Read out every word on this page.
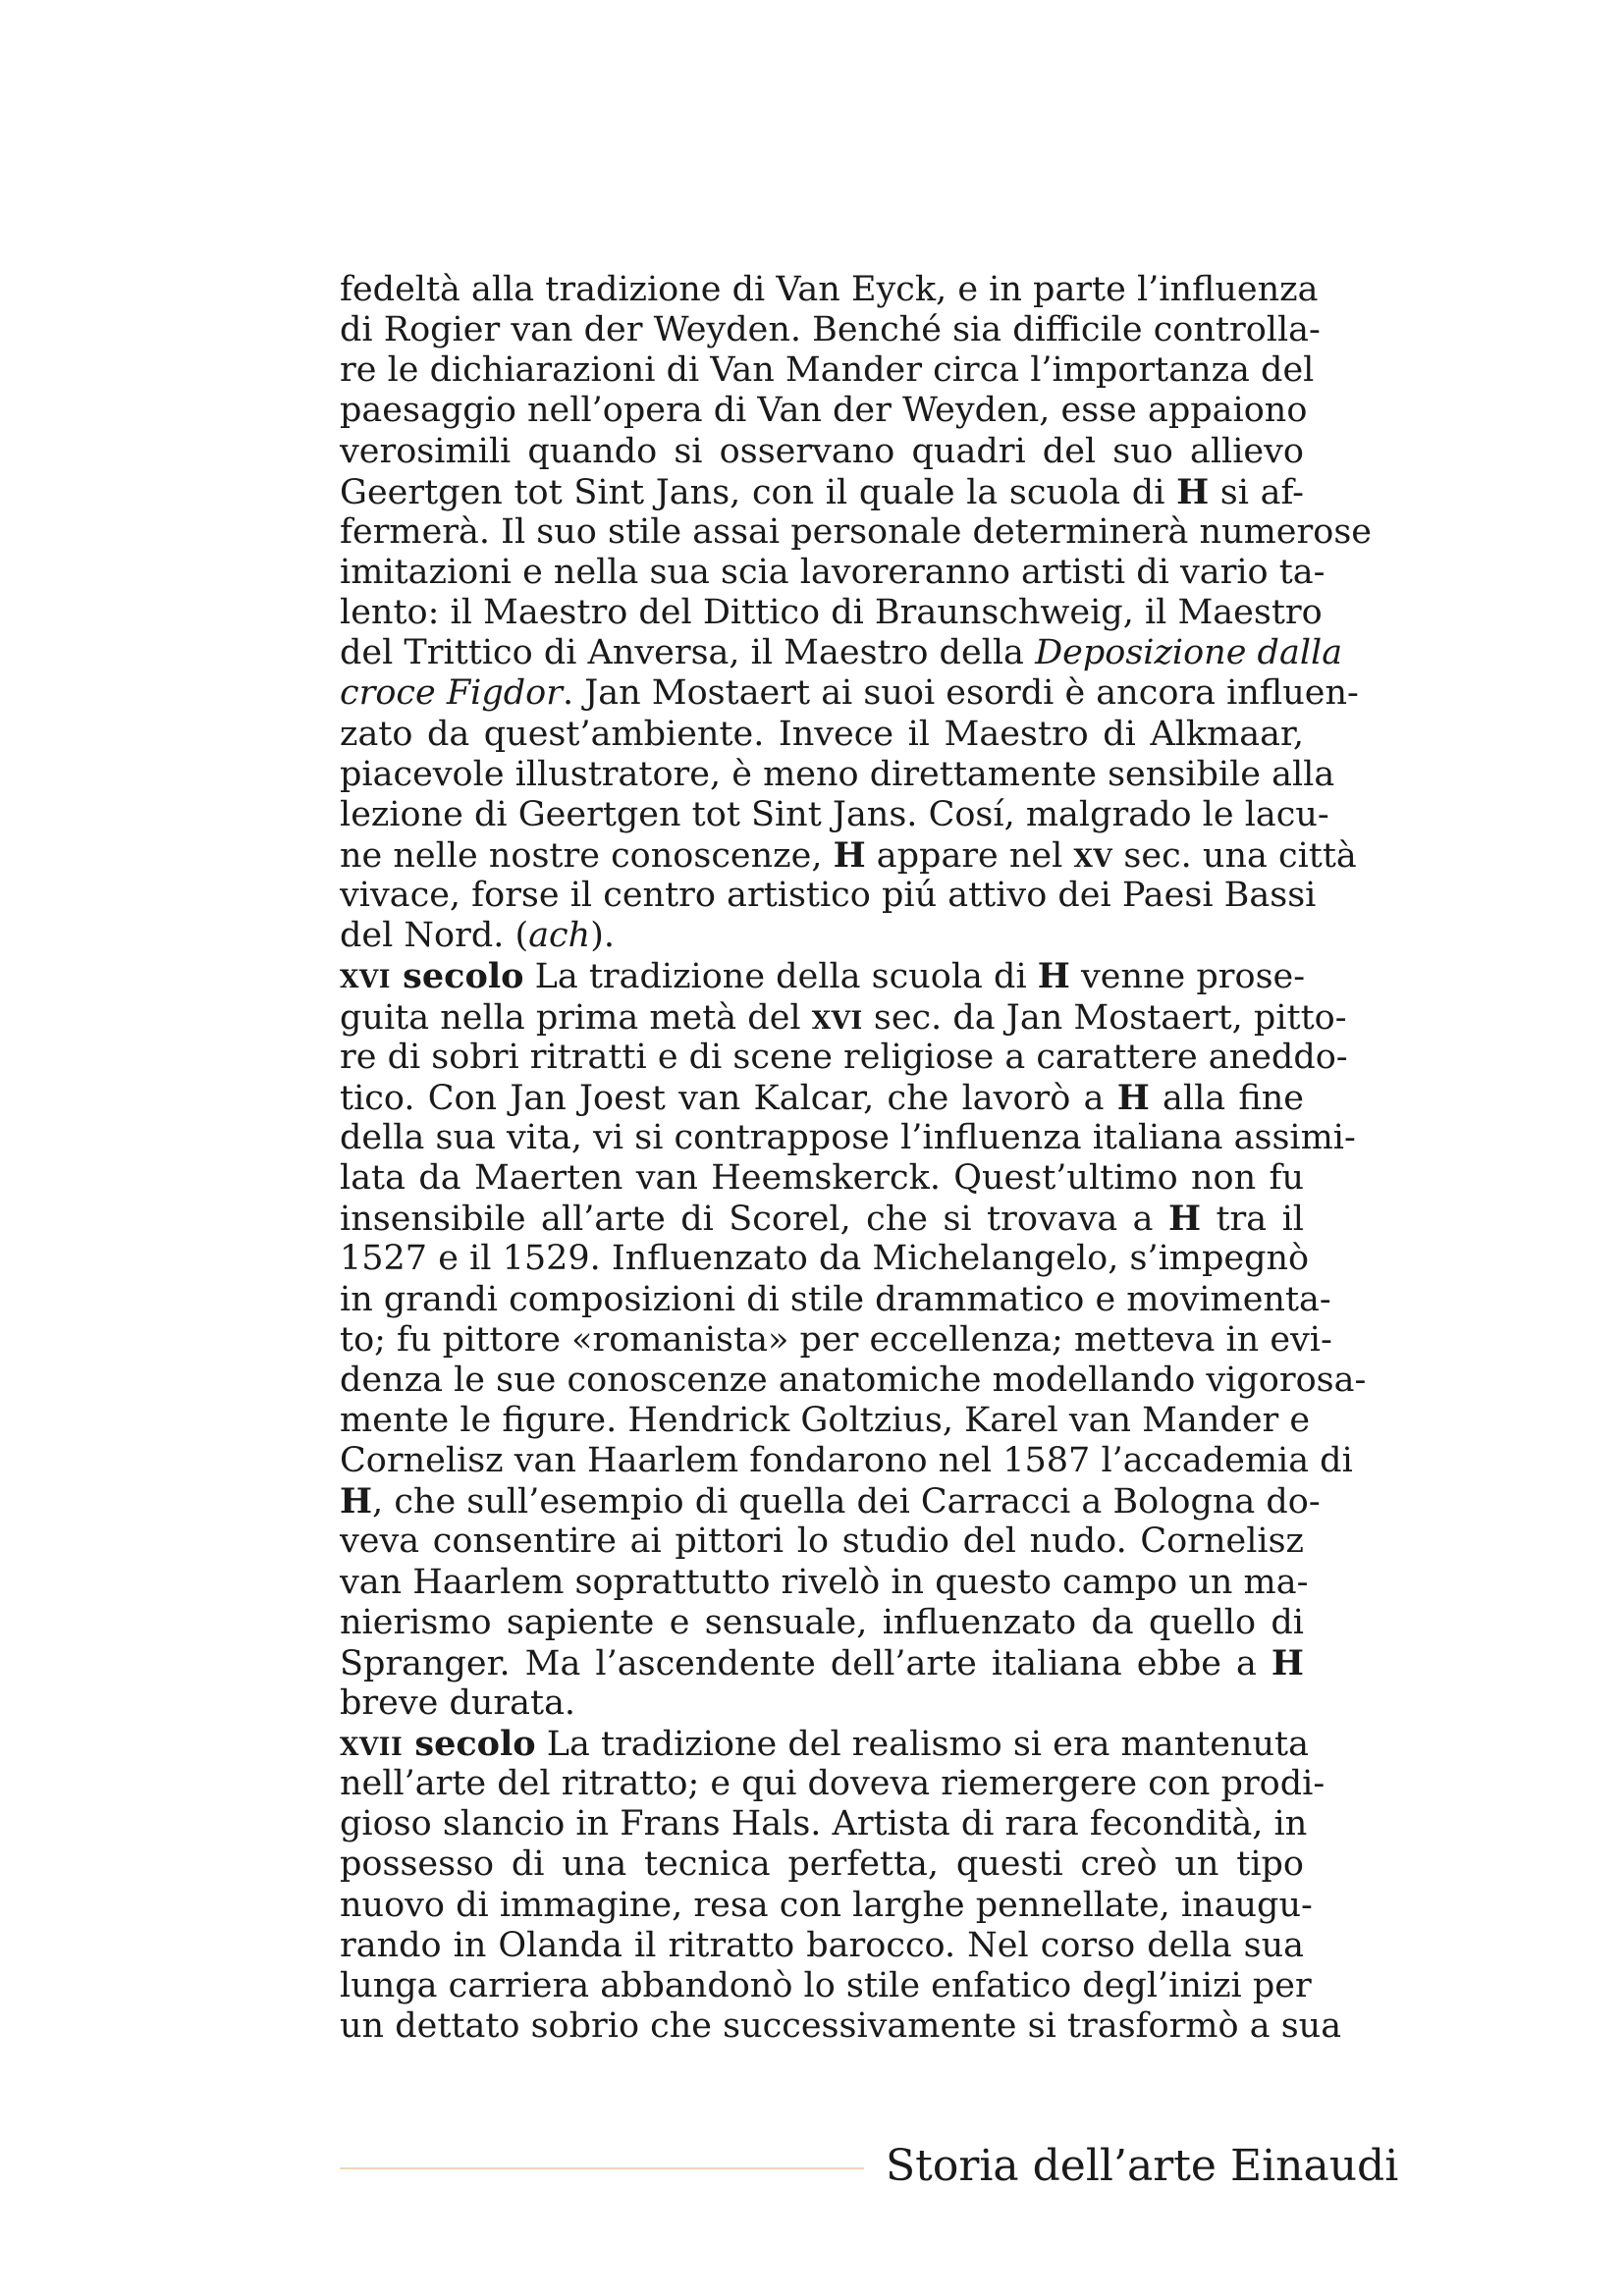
fedeltà alla tradizione di Van Eyck, e in parte l’influenza
di Rogier van der Weyden. Benché sia difficile controlla-
re le dichiarazioni di Van Mander circa l’importanza del
paesaggio nell’opera di Van der Weyden, esse appaiono
verosimili quando si osservano quadri del suo allievo
Geertgen tot Sint Jans, con il quale la scuola di H si af-
fermerà. Il suo stile assai personale determinerà numerose
imitazioni e nella sua scia lavoreranno artisti di vario ta-
lento: il Maestro del Dittico di Braunschweig, il Maestro
del Trittico di Anversa, il Maestro della Deposizione dalla
croce Figdor. Jan Mostaert ai suoi esordi è ancora influen-
zato da quest’ambiente. Invece il Maestro di Alkmaar,
piacevole illustratore, è meno direttamente sensibile alla
lezione di Geertgen tot Sint Jans. Cosí, malgrado le lacu-
ne nelle nostre conoscenze, H appare nel xv sec. una città
vivace, forse il centro artistico piú attivo dei Paesi Bassi
del Nord. (ach).
xvi secolo La tradizione della scuola di H venne prose-
guita nella prima metà del xvi sec. da Jan Mostaert, pitto-
re di sobri ritratti e di scene religiose a carattere aneddo-
tico. Con Jan Joest van Kalcar, che lavorò a H alla fine
della sua vita, vi si contrappose l’influenza italiana assimi-
lata da Maerten van Heemskerck. Quest’ultimo non fu
insensibile all’arte di Scorel, che si trovava a H tra il
1527 e il 1529. Influenzato da Michelangelo, s’impegnò
in grandi composizioni di stile drammatico e movimenta-
to; fu pittore «romanista» per eccellenza; metteva in evi-
denza le sue conoscenze anatomiche modellando vigorosa-
mente le figure. Hendrick Goltzius, Karel van Mander e
Cornelisz van Haarlem fondarono nel 1587 l’accademia di
H, che sull’esempio di quella dei Carracci a Bologna do-
veva consentire ai pittori lo studio del nudo. Cornelisz
van Haarlem soprattutto rivelò in questo campo un ma-
nierismo sapiente e sensuale, influenzato da quello di
Spranger. Ma l’ascendente dell’arte italiana ebbe a H
breve durata.
xvii secolo La tradizione del realismo si era mantenuta
nell’arte del ritratto; e qui doveva riemergere con prodi-
gioso slancio in Frans Hals. Artista di rara fecondità, in
possesso di una tecnica perfetta, questi creò un tipo
nuovo di immagine, resa con larghe pennellate, inaugu-
rando in Olanda il ritratto barocco. Nel corso della sua
lunga carriera abbandonò lo stile enfatico degl’inizi per
un dettato sobrio che successivamente si trasformò a sua
Storia dell’arte Einaudi
